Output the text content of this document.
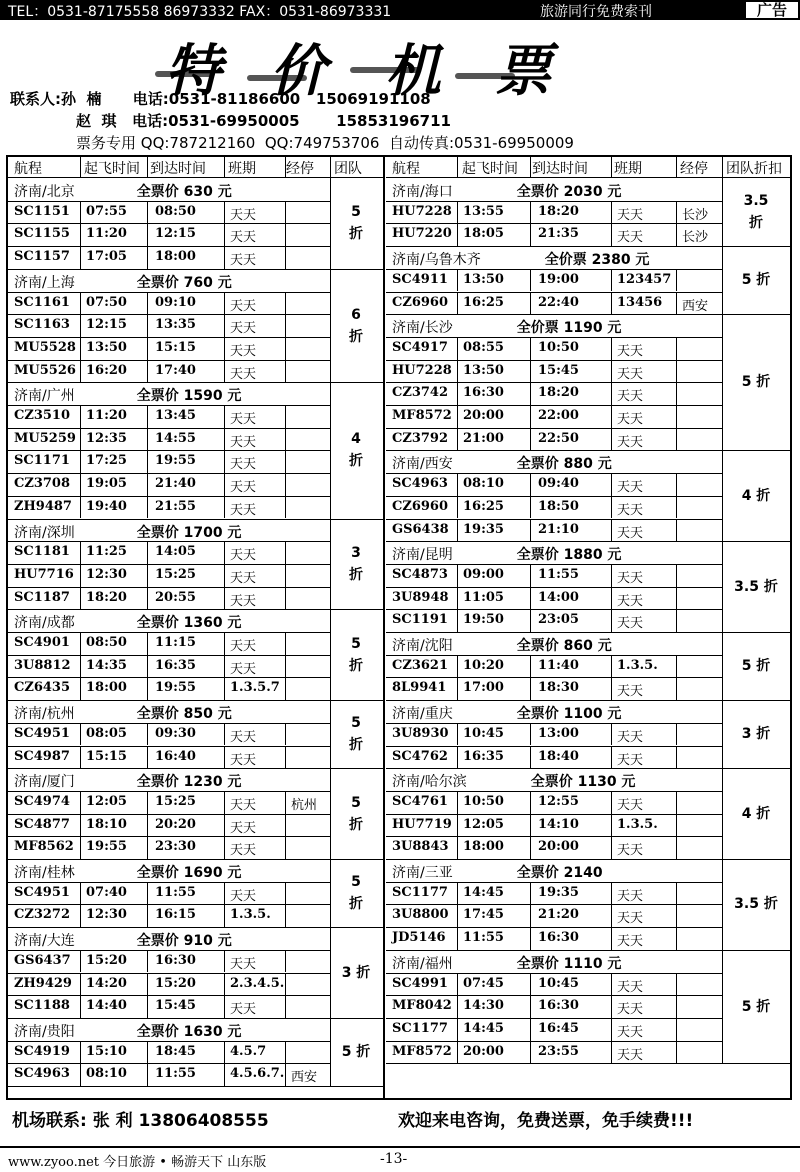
TEL：0531-87175558 86973332 FAX：0531-86973331	旅游同行免费索刊	广告
特 价 机 票
联系人:孙  楠      电话:0531-81186600   15069191108
赵  琪   电话:0531-69950005       15853196711
票务专用 QQ:787212160  QQ:749753706  自动传真:0531-69950009
航程	起飞时间 到达时间 班期 经停 团队 航程	起飞时间 到达时间 班期	经停 团队折扣
济南/北京	全票价 630 元
SC1151 07:55 08:50	天天
SC1155 11:20 12:15	天天
SC1157 17:05 18:00	天天
5
折
济南/上海	全票价 760 元
SC1161 07:50 09:10	天天
SC1163 12:15 13:35	天天
MU5528 13:50 15:15	天天
MU5526 16:20 17:40	天天
6
折
济南/广州	全票价 1590 元
CZ3510 11:20 13:45	天天
MU5259 12:35 14:55	天天
SC1171 17:25 19:55	天天
CZ3708 19:05 21:40	天天
ZH9487 19:40 21:55	天天
4
折
济南/深圳	全票价 1700 元
SC1181 11:25 14:05	天天
HU7716 12:30 15:25	天天
SC1187 18:20 20:55	天天
3
折
济南/成都	全票价 1360 元
SC4901 08:50 11:15	天天
3U8812 14:35 16:35	天天
CZ6435 18:00 19:55	1.3.5.7
5
折
济南/杭州	全票价 850 元
SC4951 08:05 09:30	天天
SC4987 15:15 16:40	天天
5
折
济南/厦门	全票价 1230 元
SC4974 12:05 15:25	天天	杭州
SC4877 18:10 20:20	天天
MF8562 19:55 23:30	天天
5
折
济南/桂林	全票价 1690 元
SC4951 07:40 11:55	天天
CZ3272 12:30 16:15	1.3.5.
5
折
济南/大连	全票价 910 元
GS6437 15:20 16:30	天天
ZH9429 14:20 15:20	2.3.4.5.
SC1188 14:40 15:45	天天
3 折
济南/贵阳	全票价 1630 元
SC4919 15:10 18:45	4.5.7
SC4963 08:10 11:55	4.5.6.7. 西安
5 折
济南/海口	全票价 2030 元
HU7228 13:55	18:20	天天	长沙
HU7220 18:05	21:35	天天	长沙
3.5
折
济南/乌鲁木齐	全价票 2380 元
SC4911 13:50	19:00	123457
CZ6960 16:25	22:40	13456 西安
5 折
济南/长沙	全价票 1190 元
SC4917 08:55	10:50	天天
HU7228 13:50	15:45	天天
CZ3742 16:30	18:20	天天
MF8572 20:00	22:00	天天
CZ3792 21:00	22:50	天天
5 折
济南/西安	全票价 880 元
SC4963 08:10	09:40	天天
CZ6960 16:25	18:50	天天
GS6438 19:35	21:10	天天
4 折
济南/昆明	全票价 1880 元
SC4873 09:00	11:55	天天
3U8948 11:05	14:00	天天
SC1191 19:50	23:05	天天
3.5 折
济南/沈阳	全票价 860 元
CZ3621 10:20	11:40	1.3.5.
8L9941 17:00	18:30	天天
5 折
济南/重庆	全票价 1100 元
3U8930 10:45	13:00	天天
SC4762 16:35	18:40	天天
3 折
济南/哈尔滨	全票价 1130 元
SC4761 10:50	12:55	天天
HU7719 12:05	14:10	1.3.5.
3U8843 18:00	20:00	天天
4 折
济南/三亚	全票价 2140
SC1177 14:45	19:35	天天
3U8800 17:45	21:20	天天
JD5146 11:55	16:30	天天
3.5 折
济南/福州	全票价 1110 元
SC4991 07:45	10:45	天天
MF8042 14:30	16:30	天天
SC1177 14:45	16:45	天天
MF8572 20:00	23:55	天天
5 折
机场联系: 张 利 13806408555	欢迎来电咨询，免费送票，免手续费!!!
www.zyoo.net 今日旅游 • 畅游天下 山东版	-13-
